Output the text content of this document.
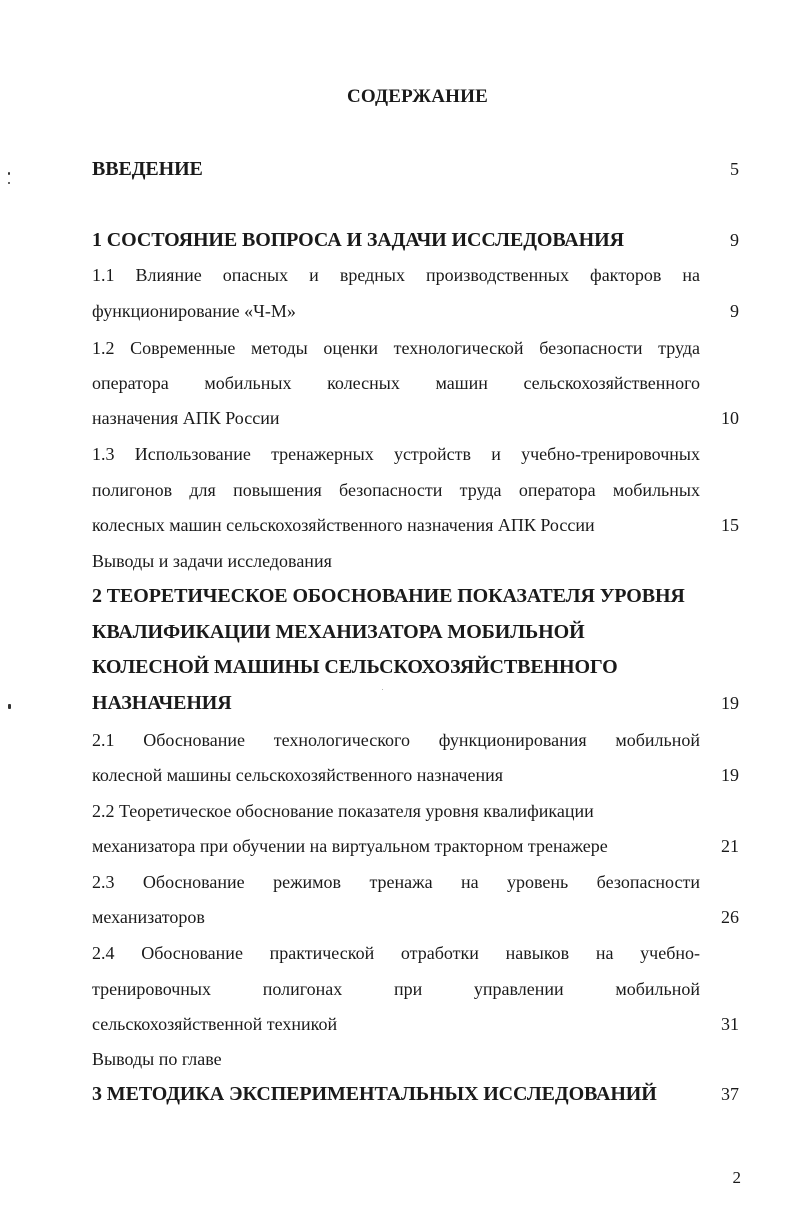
СОДЕРЖАНИЕ
ВВЕДЕНИЕ	5
1 СОСТОЯНИЕ ВОПРОСА И ЗАДАЧИ ИССЛЕДОВАНИЯ	9
1.1 Влияние опасных и вредных производственных факторов на
функционирование «Ч-М»	9
1.2 Современные методы оценки технологической безопасности труда
оператора мобильных колесных машин сельскохозяйственного
назначения АПК России	10
1.3 Использование тренажерных устройств и учебно-тренировочных
полигонов для повышения безопасности труда оператора мобильных
колесных машин сельскохозяйственного назначения АПК России	15
Выводы и задачи исследования
2 ТЕОРЕТИЧЕСКОЕ ОБОСНОВАНИЕ ПОКАЗАТЕЛЯ УРОВНЯ
КВАЛИФИКАЦИИ МЕХАНИЗАТОРА МОБИЛЬНОЙ
КОЛЕСНОЙ МАШИНЫ СЕЛЬСКОХОЗЯЙСТВЕННОГО
НАЗНАЧЕНИЯ	19
2.1 Обоснование технологического функционирования мобильной
колесной машины сельскохозяйственного назначения	19
2.2 Теоретическое обоснование показателя уровня квалификации
механизатора при обучении на виртуальном тракторном тренажере	21
2.3 Обоснование режимов тренажа на уровень безопасности
механизаторов	26
2.4 Обоснование практической отработки навыков на учебно-
тренировочных полигонах при управлении мобильной
сельскохозяйственной техникой	31
Выводы по главе
3 МЕТОДИКА ЭКСПЕРИМЕНТАЛЬНЫХ ИССЛЕДОВАНИЙ	37
2
